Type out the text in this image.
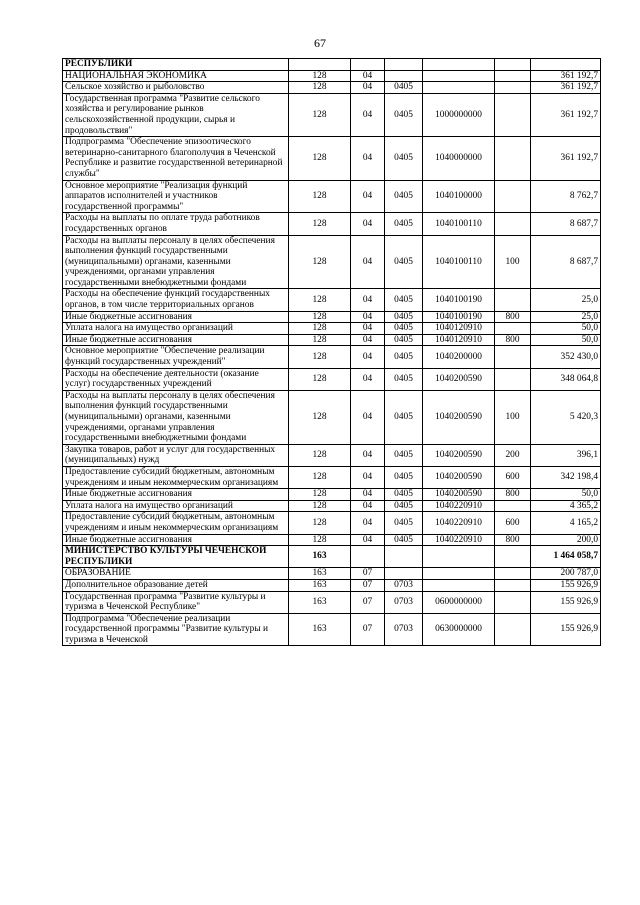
67
РЕСПУБЛИКИ						
НАЦИОНАЛЬНАЯ ЭКОНОМИКА	128	04				361 192,7
Сельское хозяйство и рыболовство	128	04	0405			361 192,7
Государственная программа "Развитие сельского хозяйства и регулирование рынков сельскохозяйственной продукции, сырья и продовольствия"	128	04	0405	1000000000		361 192,7
Подпрограмма "Обеспечение эпизоотического ветеринарно-санитарного благополучия в Чеченской Республике и развитие государственной ветеринарной службы"	128	04	0405	1040000000		361 192,7
Основное мероприятие "Реализация функций аппаратов исполнителей и участников государственной программы"	128	04	0405	1040100000		8 762,7
Расходы на выплаты по оплате труда работников государственных органов	128	04	0405	1040100110		8 687,7
Расходы на выплаты персоналу в целях обеспечения выполнения функций государственными (муниципальными) органами, казенными учреждениями, органами управления государственными внебюджетными фондами	128	04	0405	1040100110	100	8 687,7
Расходы на обеспечение функций государственных органов, в том числе территориальных органов	128	04	0405	1040100190		25,0
Иные бюджетные ассигнования	128	04	0405	1040100190	800	25,0
Уплата налога на имущество организаций	128	04	0405	1040120910		50,0
Иные бюджетные ассигнования	128	04	0405	1040120910	800	50,0
Основное мероприятие "Обеспечение реализации функций государственных учреждений"	128	04	0405	1040200000		352 430,0
Расходы на обеспечение деятельности (оказание услуг) государственных учреждений	128	04	0405	1040200590		348 064,8
Расходы на выплаты персоналу в целях обеспечения выполнения функций государственными (муниципальными) органами, казенными учреждениями, органами управления государственными внебюджетными фондами	128	04	0405	1040200590	100	5 420,3
Закупка товаров, работ и услуг для государственных (муниципальных) нужд	128	04	0405	1040200590	200	396,1
Предоставление субсидий бюджетным, автономным учреждениям и иным некоммерческим организациям	128	04	0405	1040200590	600	342 198,4
Иные бюджетные ассигнования	128	04	0405	1040200590	800	50,0
Уплата налога на имущество организаций	128	04	0405	1040220910		4 365,2
Предоставление субсидий бюджетным, автономным учреждениям и иным некоммерческим организациям	128	04	0405	1040220910	600	4 165,2
Иные бюджетные ассигнования	128	04	0405	1040220910	800	200,0
МИНИСТЕРСТВО КУЛЬТУРЫ ЧЕЧЕНСКОЙ РЕСПУБЛИКИ	163					1 464 058,7
ОБРАЗОВАНИЕ	163	07				200 787,0
Дополнительное образование детей	163	07	0703			155 926,9
Государственная программа "Развитие культуры и туризма в Чеченской Республике"	163	07	0703	0600000000		155 926,9
Подпрограмма "Обеспечение реализации государственной программы "Развитие культуры и туризма в Чеченской	163	07	0703	0630000000		155 926,9
